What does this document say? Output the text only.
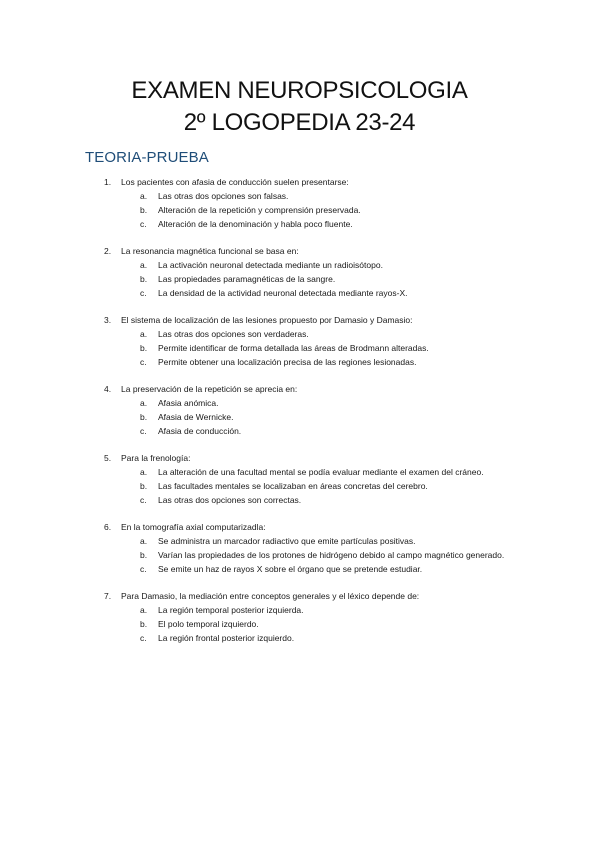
EXAMEN NEUROPSICOLOGIA
2º LOGOPEDIA 23-24
TEORIA-PRUEBA
1. Los pacientes con afasia de conducción suelen presentarse:
a. Las otras dos opciones son falsas.
b. Alteración de la repetición y comprensión preservada.
c. Alteración de la denominación y habla poco fluente.
2. La resonancia magnética funcional se basa en:
a. La activación neuronal detectada mediante un radioisótopo.
b. Las propiedades paramagnéticas de la sangre.
c. La densidad de la actividad neuronal detectada mediante rayos-X.
3. El sistema de localización de las lesiones propuesto por Damasio y Damasio:
a. Las otras dos opciones son verdaderas.
b. Permite identificar de forma detallada las áreas de Brodmann alteradas.
c. Permite obtener una localización precisa de las regiones lesionadas.
4. La preservación de la repetición se aprecia en:
a. Afasia anómica.
b. Afasia de Wernicke.
c. Afasia de conducción.
5. Para la frenología:
a. La alteración de una facultad mental se podía evaluar mediante el examen del cráneo.
b. Las facultades mentales se localizaban en áreas concretas del cerebro.
c. Las otras dos opciones son correctas.
6. En la tomografía axial computarizadla:
a. Se administra un marcador radiactivo que emite partículas positivas.
b. Varían las propiedades de los protones de hidrógeno debido al campo magnético generado.
c. Se emite un haz de rayos X sobre el órgano que se pretende estudiar.
7. Para Damasio, la mediación entre conceptos generales y el léxico depende de:
a. La región temporal posterior izquierda.
b. El polo temporal izquierdo.
c. La región frontal posterior izquierdo.
